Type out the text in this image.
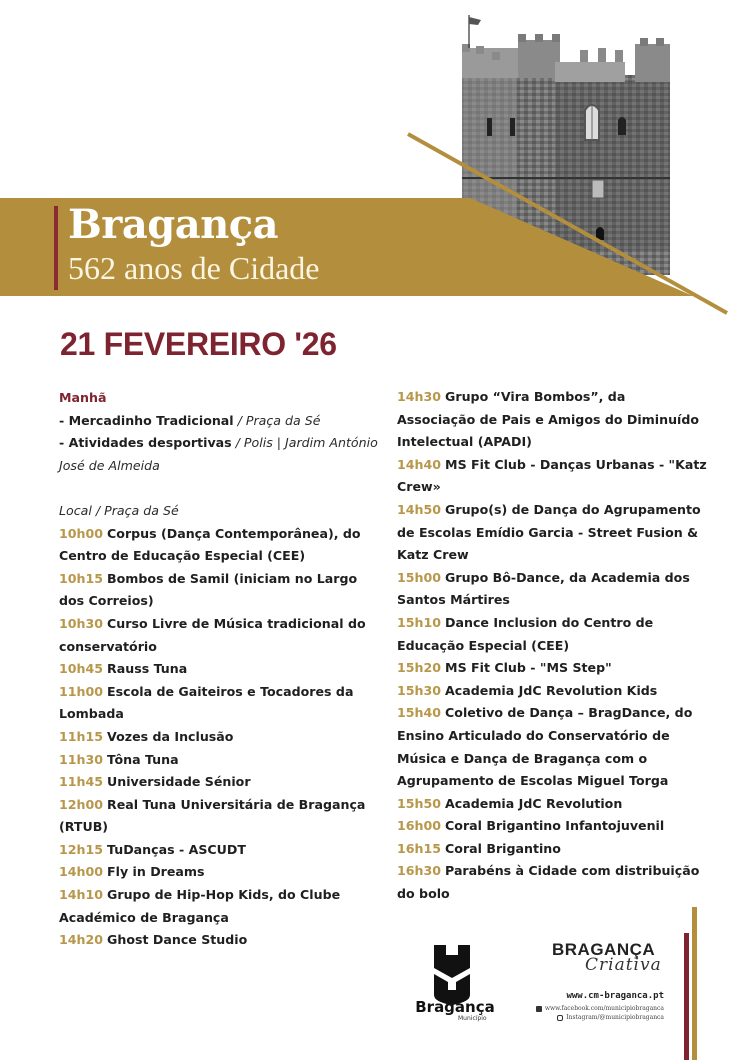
Bragança
562 anos de Cidade
21 FEVEREIRO '26
Manhã
- Mercadinho Tradicional / Praça da Sé
- Atividades desportivas / Polis | Jardim António José de Almeida
Local / Praça da Sé
10h00 Corpus (Dança Contemporânea), do Centro de Educação Especial (CEE)
10h15 Bombos de Samil (iniciam no Largo dos Correios)
10h30 Curso Livre de Música tradicional do conservatório
10h45 Rauss Tuna
11h00 Escola de Gaiteiros e Tocadores da Lombada
11h15 Vozes da Inclusão
11h30 Tôna Tuna
11h45 Universidade Sénior
12h00 Real Tuna Universitária de Bragança (RTUB)
12h15 TuDanças - ASCUDT
14h00 Fly in Dreams
14h10 Grupo de Hip-Hop Kids, do Clube Académico de Bragança
14h20 Ghost Dance Studio
14h30 Grupo “Vira Bombos”, da Associação de Pais e Amigos do Diminuído Intelectual (APADI)
14h40 MS Fit Club - Danças Urbanas - "Katz Crew»
14h50 Grupo(s) de Dança do Agrupamento de Escolas Emídio Garcia - Street Fusion & Katz Crew
15h00 Grupo Bô-Dance, da Academia dos Santos Mártires
15h10 Dance Inclusion do Centro de Educação Especial (CEE)
15h20 MS Fit Club - "MS Step"
15h30 Academia JdC Revolution Kids
15h40 Coletivo de Dança – BragDance, do Ensino Articulado do Conservatório de Música e Dança de Bragança com o Agrupamento de Escolas Miguel Torga
15h50 Academia JdC Revolution
16h00 Coral Brigantino Infantojuvenil
16h15 Coral Brigantino
16h30 Parabéns à Cidade com distribuição do bolo
Bragança
Município
BRAGANÇA
Criativa
www.cm-braganca.pt
www.facebook.com/municipiobraganca
Instagram/@municipiobraganca
